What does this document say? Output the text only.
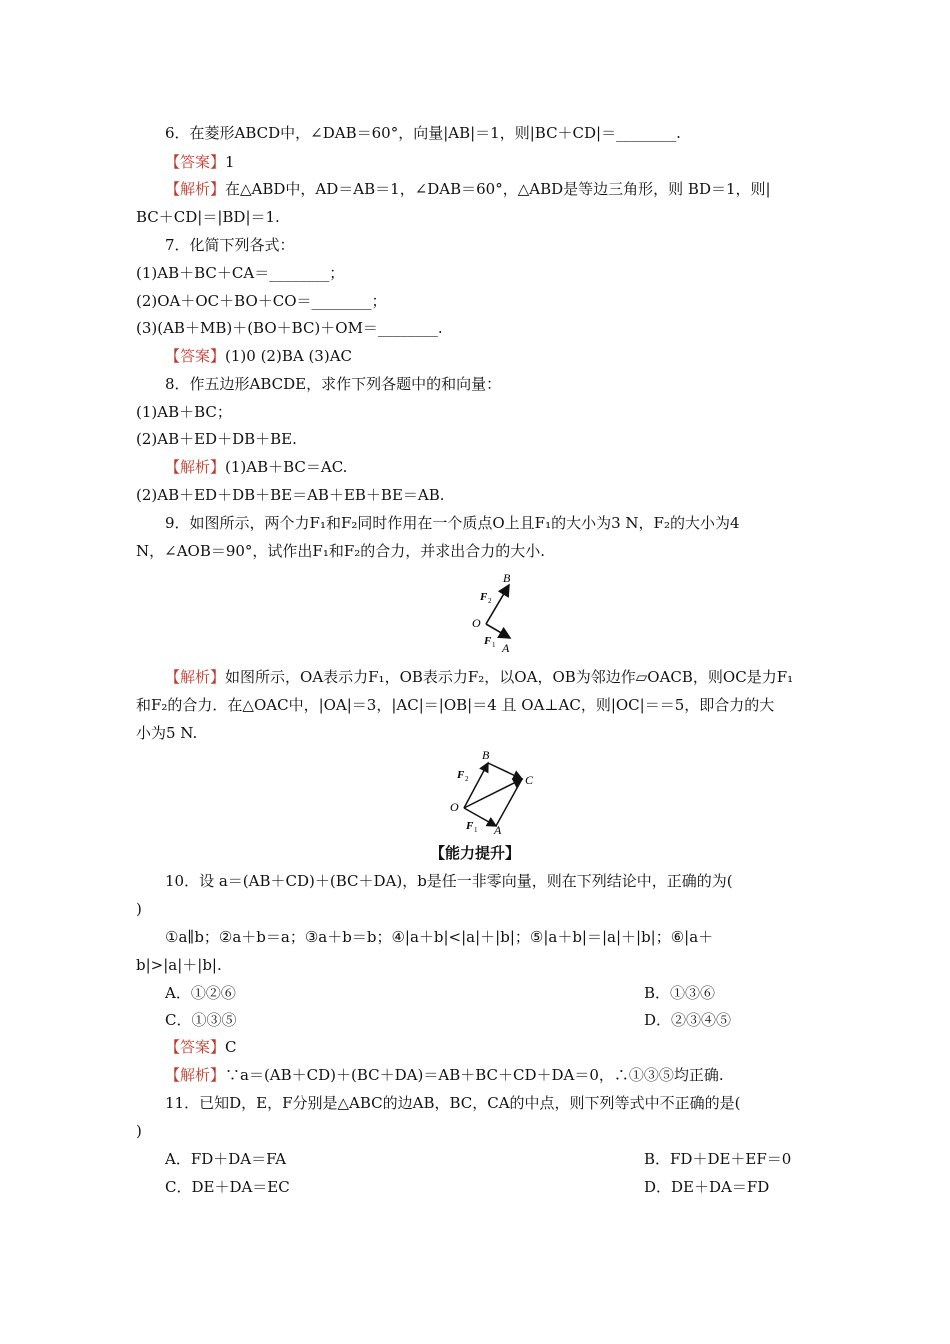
6．在菱形ABCD中，∠DAB＝60°，向量|AB|＝1，则|BC＋CD|＝________.
【答案】1
【解析】在△ABD中，AD＝AB＝1，∠DAB＝60°，△ABD是等边三角形，则 BD＝1，则|
BC＋CD|＝|BD|＝1.
7．化简下列各式：
(1)AB＋BC＋CA＝________；
(2)OA＋OC＋BO＋CO＝________；
(3)(AB＋MB)＋(BO＋BC)＋OM＝________.
【答案】(1)0 (2)BA (3)AC
8．作五边形ABCDE，求作下列各题中的和向量：
(1)AB＋BC；
(2)AB＋ED＋DB＋BE.
【解析】(1)AB＋BC＝AC.
(2)AB＋ED＋DB＋BE＝AB＋EB＋BE＝AB.
9．如图所示，两个力F₁和F₂同时作用在一个质点O上且F₁的大小为3 N，F₂的大小为4
N，∠AOB＝90°，试作出F₁和F₂的合力，并求出合力的大小.
B
F 2
O
F 1 A
【解析】如图所示，OA表示力F₁，OB表示力F₂，以OA，OB为邻边作▱OACB，则OC是力F₁
和F₂的合力．在△OAC中，|OA|＝3，|AC|＝|OB|＝4 且 OA⊥AC，则|OC|＝＝5，即合力的大
小为5 N.
B
C
F 2
O
F 1 A
【能力提升】
10．设 a＝(AB＋CD)＋(BC＋DA)，b是任一非零向量，则在下列结论中，正确的为(
)
①a∥b；②a＋b＝a；③a＋b＝b；④|a＋b|<|a|＋|b|；⑤|a＋b|＝|a|＋|b|；⑥|a＋
b|>|a|＋|b|.
A．①②⑥	B．①③⑥
C．①③⑤	D．②③④⑤
【答案】C
【解析】∵a＝(AB＋CD)＋(BC＋DA)＝AB＋BC＋CD＋DA＝0，∴①③⑤均正确.
11．已知D，E，F分别是△ABC的边AB，BC，CA的中点，则下列等式中不正确的是(
)
A．FD＋DA＝FA	B．FD＋DE＋EF＝0
C．DE＋DA＝EC	D．DE＋DA＝FD
